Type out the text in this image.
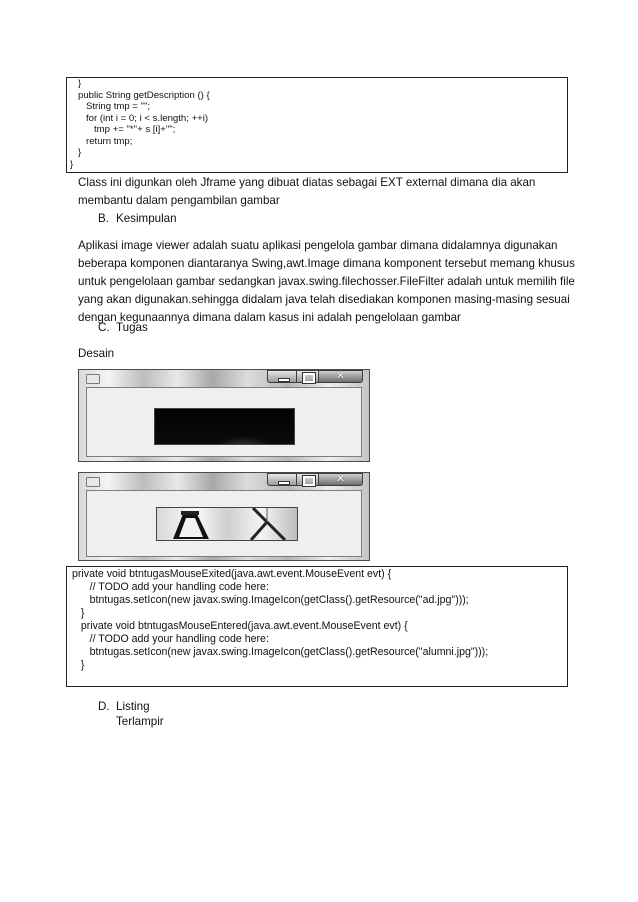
}
public String getDescription () {
String tmp = "";
for (int i = 0; i < s.length; ++i)
tmp += "*"+ s [i]+"";
return tmp;
}
}
Class ini digunkan oleh Jframe yang dibuat diatas sebagai EXT external dimana dia akan membantu dalam pengambilan gambar
B. Kesimpulan
Aplikasi image viewer adalah suatu aplikasi pengelola gambar dimana didalamnya digunakan beberapa komponen diantaranya Swing,awt.Image dimana komponent tersebut memang khusus untuk pengelolaan gambar sedangkan javax.swing.filechosser.FileFilter adalah untuk memilih file yang akan digunakan.sehingga didalam java telah disediakan komponen masing-masing sesuai dengan kegunaannya dimana dalam kasus ini adalah pengelolaan gambar
C. Tugas
Desain
✕
✕
private void btntugasMouseExited(java.awt.event.MouseEvent evt) {
// TODO add your handling code here:
btntugas.setIcon(new javax.swing.ImageIcon(getClass().getResource("ad.jpg")));
}
private void btntugasMouseEntered(java.awt.event.MouseEvent evt) {
// TODO add your handling code here:
btntugas.setIcon(new javax.swing.ImageIcon(getClass().getResource("alumni.jpg")));
}
D. Listing
Terlampir
